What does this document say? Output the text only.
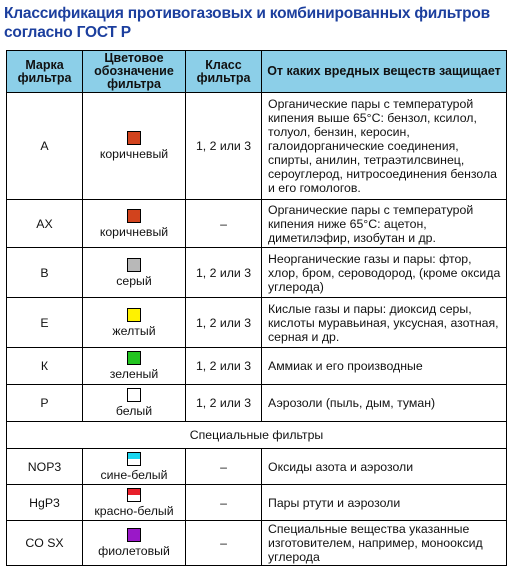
Классификация противогазовых и комбинированных фильтров согласно ГОСТ Р
Марка фильтра	Цветовое обозначение фильтра	Класс фильтра	От каких вредных веществ защищает
А	коричневый	1, 2 или 3	Органические пары с температурой кипения выше 65°С: бензол, ксилол, толуол, бензин, керосин, галоидорганические соединения, спирты, анилин, тетраэтилсвинец, сероуглерод, нитросоединения бензола и его гомологов.
АХ	коричневый	–	Органические пары с температурой кипения ниже 65°С: ацетон, диметилэфир, изобутан и др.
В	серый	1, 2 или 3	Неорганические газы и пары: фтор, хлор, бром, сероводород, (кроме оксида углерода)
Е	желтый	1, 2 или 3	Кислые газы и пары: диоксид серы, кислоты муравьиная, уксусная, азотная, серная и др.
К	зеленый	1, 2 или 3	Аммиак и его производные
Р	белый	1, 2 или 3	Аэрозоли (пыль, дым, туман)
Специальные фильтры			
NOP3	сине-белый	–	Оксиды азота и аэрозоли
HgP3	красно-белый	–	Пары ртути и аэрозоли
CO SX	фиолетовый	–	Специальные вещества указанные изготовителем, например, монооксид углерода
